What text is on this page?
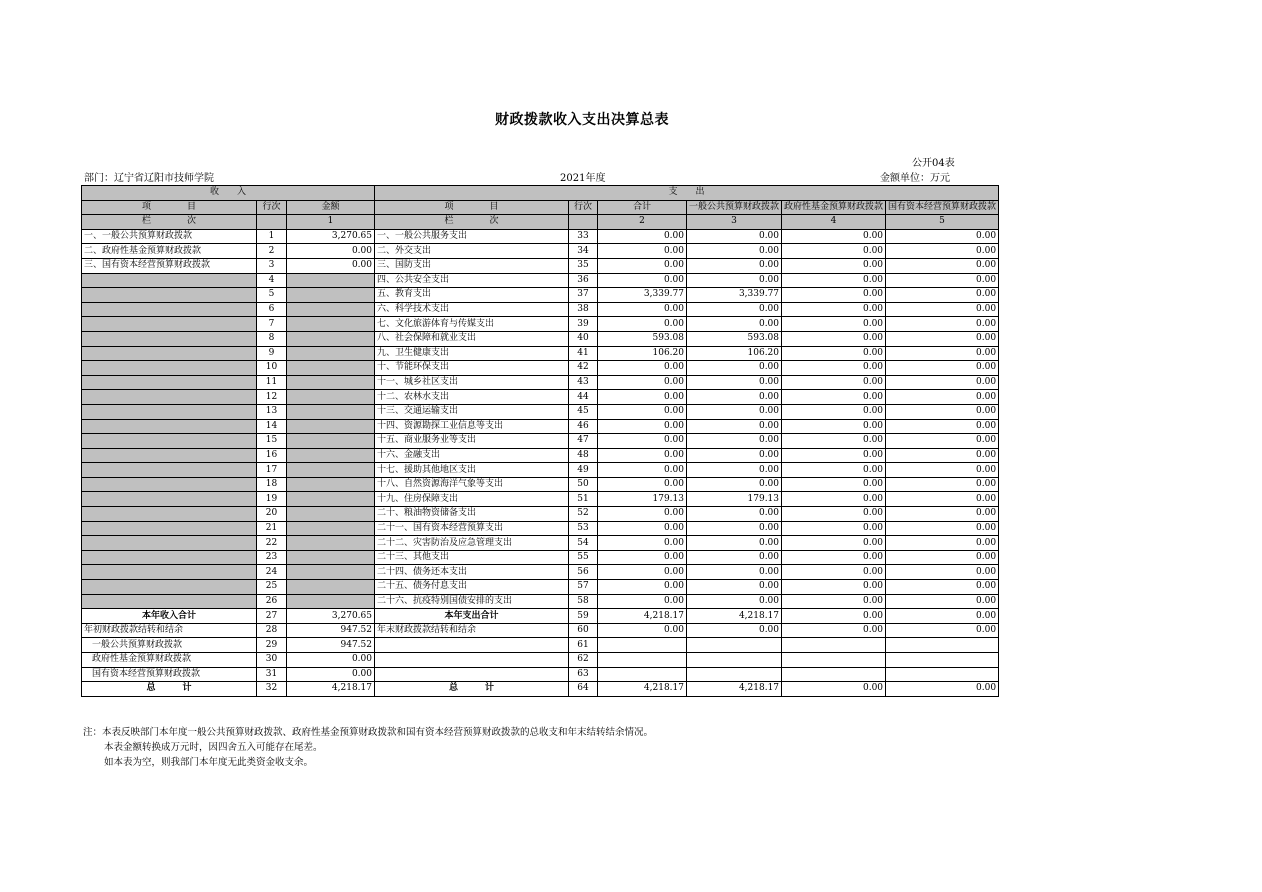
财政拨款收入支出决算总表
公开04表
部门：辽宁省辽阳市技师学院	2021年度	金额单位：万元
收　　入			支　　出					
项　　　　目	行次	金额	项　　　　目	行次	合计	一般公共预算财政拨款	政府性基金预算财政拨款	国有资本经营预算财政拨款
栏　　　　次		1	栏　　　　次		2	3	4	5
一、一般公共预算财政拨款	1	3,270.65	一、一般公共服务支出	33	0.00	0.00	0.00	0.00
二、政府性基金预算财政拨款	2	0.00	二、外交支出	34	0.00	0.00	0.00	0.00
三、国有资本经营预算财政拨款	3	0.00	三、国防支出	35	0.00	0.00	0.00	0.00
	4		四、公共安全支出	36	0.00	0.00	0.00	0.00
	5		五、教育支出	37	3,339.77	3,339.77	0.00	0.00
	6		六、科学技术支出	38	0.00	0.00	0.00	0.00
	7		七、文化旅游体育与传媒支出	39	0.00	0.00	0.00	0.00
	8		八、社会保障和就业支出	40	593.08	593.08	0.00	0.00
	9		九、卫生健康支出	41	106.20	106.20	0.00	0.00
	10		十、节能环保支出	42	0.00	0.00	0.00	0.00
	11		十一、城乡社区支出	43	0.00	0.00	0.00	0.00
	12		十二、农林水支出	44	0.00	0.00	0.00	0.00
	13		十三、交通运输支出	45	0.00	0.00	0.00	0.00
	14		十四、资源勘探工业信息等支出	46	0.00	0.00	0.00	0.00
	15		十五、商业服务业等支出	47	0.00	0.00	0.00	0.00
	16		十六、金融支出	48	0.00	0.00	0.00	0.00
	17		十七、援助其他地区支出	49	0.00	0.00	0.00	0.00
	18		十八、自然资源海洋气象等支出	50	0.00	0.00	0.00	0.00
	19		十九、住房保障支出	51	179.13	179.13	0.00	0.00
	20		二十、粮油物资储备支出	52	0.00	0.00	0.00	0.00
	21		二十一、国有资本经营预算支出	53	0.00	0.00	0.00	0.00
	22		二十二、灾害防治及应急管理支出	54	0.00	0.00	0.00	0.00
	23		二十三、其他支出	55	0.00	0.00	0.00	0.00
	24		二十四、债务还本支出	56	0.00	0.00	0.00	0.00
	25		二十五、债务付息支出	57	0.00	0.00	0.00	0.00
	26		二十六、抗疫特别国债安排的支出	58	0.00	0.00	0.00	0.00
本年收入合计	27	3,270.65	本年支出合计	59	4,218.17	4,218.17	0.00	0.00
年初财政拨款结转和结余	28	947.52	年末财政拨款结转和结余	60	0.00	0.00	0.00	0.00
一般公共预算财政拨款	29	947.52		61				
政府性基金预算财政拨款	30	0.00		62				
国有资本经营预算财政拨款	31	0.00		63				
总　　　计	32	4,218.17	总　　　计	64	4,218.17	4,218.17	0.00	0.00
注：本表反映部门本年度一般公共预算财政拨款、政府性基金预算财政拨款和国有资本经营预算财政拨款的总收支和年末结转结余情况。
本表金额转换成万元时，因四舍五入可能存在尾差。
如本表为空，则我部门本年度无此类资金收支余。
